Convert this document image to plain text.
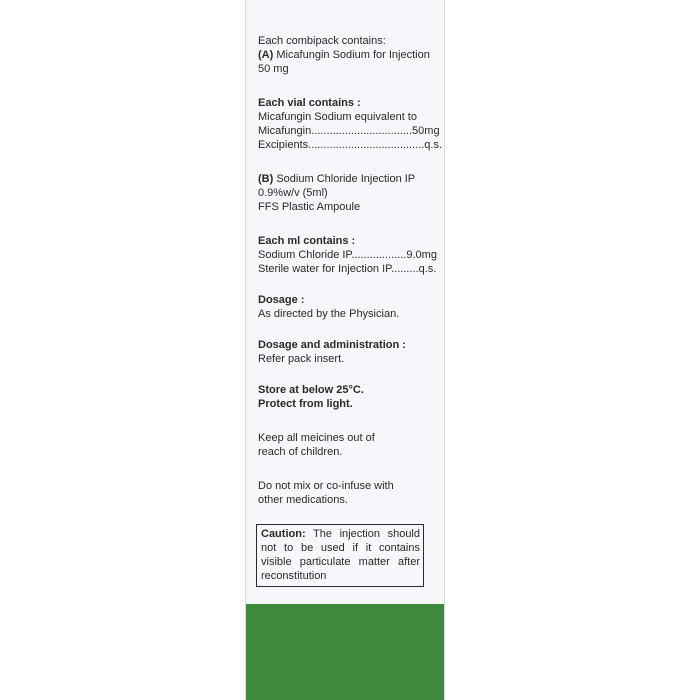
Each combipack contains:
(A) Micafungin Sodium for Injection
50 mg
Each vial contains :
Micafungin Sodium equivalent to
Micafungin.................................50mg
Excipients......................................q.s.
(B) Sodium Chloride Injection IP
0.9%w/v (5ml)
FFS Plastic Ampoule
Each ml contains :
Sodium Chloride IP..................9.0mg
Sterile water for Injection IP.........q.s.
Dosage :
As directed by the Physician.
Dosage and administration :
Refer pack insert.
Store at below 25°C.
Protect from light.
Keep all meicines out of
reach of children.
Do not mix or co-infuse with
other medications.
Caution: The injection should not to be used if it contains visible particulate matter after reconstitution
